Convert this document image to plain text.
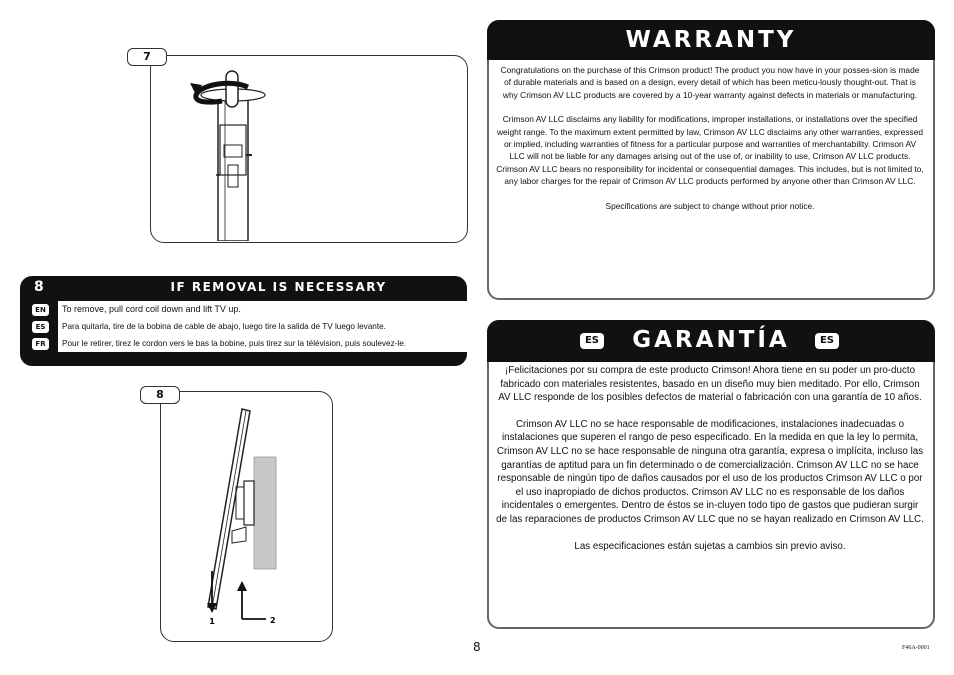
7
8	IF REMOVAL IS NECESSARY
EN	To remove, pull cord coil down and lift TV up.
ES	Para quitarla, tire de la bobina de cable de abajo, luego tire la salida de TV luego levante.
FR	Pour le retirer, tirez le cordon vers le bas la bobine, puis tirez sur la télévision, puis soulevez-le.
8
1	2
WARRANTY
Congratulations on the purchase of this Crimson product! The product you now have in your posses-sion is made of durable materials and is based on a design, every detail of which has been meticu-lously thought-out. That is why Crimson AV LLC products are covered by a 10-year warranty against defects in materials or manufacturing.
Crimson AV LLC disclaims any liability for modifications, improper installations, or installations over the specified weight range. To the maximum extent permitted by law, Crimson AV LLC disclaims any other warranties, expressed or implied, including warranties of fitness for a particular purpose and warranties of merchantability. Crimson AV LLC will not be liable for any damages arising out of the use of, or inability to use, Crimson AV LLC products. Crimson AV LLC bears no responsibility for incidental or consequential damages. This includes, but is not limited to, any labor charges for the repair of Crimson AV LLC products performed by anyone other than Crimson AV LLC.
Specifications are subject to change without prior notice.
ES	GARANTÍA	ES
¡Felicitaciones por su compra de este producto Crimson! Ahora tiene en su poder un pro-ducto fabricado con materiales resistentes, basado en un diseño muy bien meditado. Por ello, Crimson AV LLC responde de los posibles defectos de material o fabricación con una garantía de 10 años.
Crimson AV LLC no se hace responsable de modificaciones, instalaciones inadecuadas o instalaciones que superen el rango de peso especificado. En la medida en que la ley lo permita, Crimson AV LLC no se hace responsable de ninguna otra garantía, expresa o implícita, incluso las garantías de aptitud para un fin determinado o de comercialización. Crimson AV LLC no se hace responsable de ningún tipo de daños causados por el uso de los productos Crimson AV LLC o por el uso inapropiado de dichos productos. Crimson AV LLC no es responsable de los daños incidentales o emergentes. Dentro de éstos se in-cluyen todo tipo de gastos que pudieran surgir de las reparaciones de productos Crimson AV LLC que no se hayan realizado en Crimson AV LLC.
Las especificaciones están sujetas a cambios sin previo aviso.
8	F46A-0001
